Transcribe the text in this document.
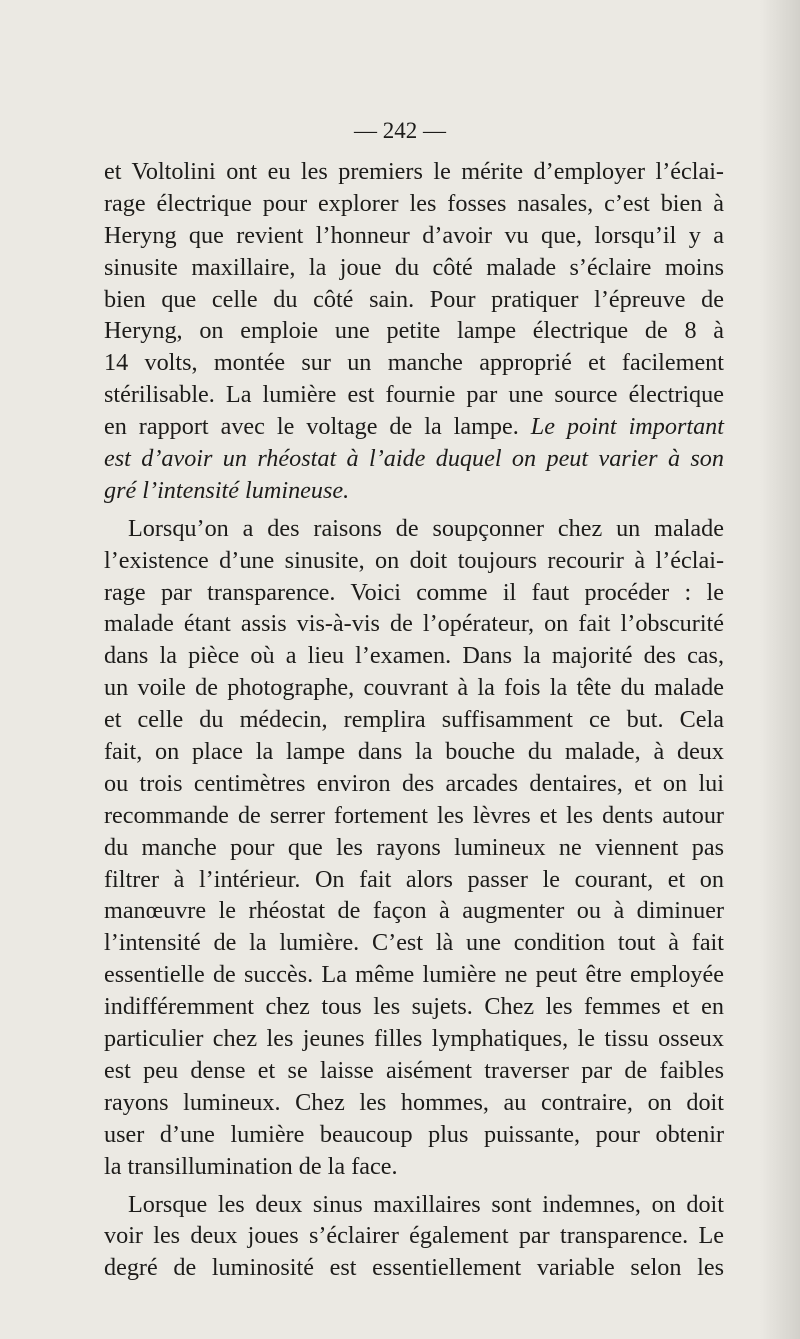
— 242 —
et Voltolini ont eu les premiers le mérite d’employer l’éclai-
rage électrique pour explorer les fosses nasales, c’est bien à
Heryng que revient l’honneur d’avoir vu que, lorsqu’il y a
sinusite maxillaire, la joue du côté malade s’éclaire moins
bien que celle du côté sain. Pour pratiquer l’épreuve de
Heryng, on emploie une petite lampe électrique de 8 à
14 volts, montée sur un manche approprié et facilement
stérilisable. La lumière est fournie par une source électrique
en rapport avec le voltage de la lampe. Le point important
est d’avoir un rhéostat à l’aide duquel on peut varier à son
gré l’intensité lumineuse.
Lorsqu’on a des raisons de soupçonner chez un malade
l’existence d’une sinusite, on doit toujours recourir à l’éclai-
rage par transparence. Voici comme il faut procéder : le
malade étant assis vis-à-vis de l’opérateur, on fait l’obscurité
dans la pièce où a lieu l’examen. Dans la majorité des cas,
un voile de photographe, couvrant à la fois la tête du malade
et celle du médecin, remplira suffisamment ce but. Cela
fait, on place la lampe dans la bouche du malade, à deux
ou trois centimètres environ des arcades dentaires, et on lui
recommande de serrer fortement les lèvres et les dents autour
du manche pour que les rayons lumineux ne viennent pas
filtrer à l’intérieur. On fait alors passer le courant, et on
manœuvre le rhéostat de façon à augmenter ou à diminuer
l’intensité de la lumière. C’est là une condition tout à fait
essentielle de succès. La même lumière ne peut être employée
indifféremment chez tous les sujets. Chez les femmes et en
particulier chez les jeunes filles lymphatiques, le tissu osseux
est peu dense et se laisse aisément traverser par de faibles
rayons lumineux. Chez les hommes, au contraire, on doit
user d’une lumière beaucoup plus puissante, pour obtenir
la transillumination de la face.
Lorsque les deux sinus maxillaires sont indemnes, on doit
voir les deux joues s’éclairer également par transparence. Le
degré de luminosité est essentiellement variable selon les
